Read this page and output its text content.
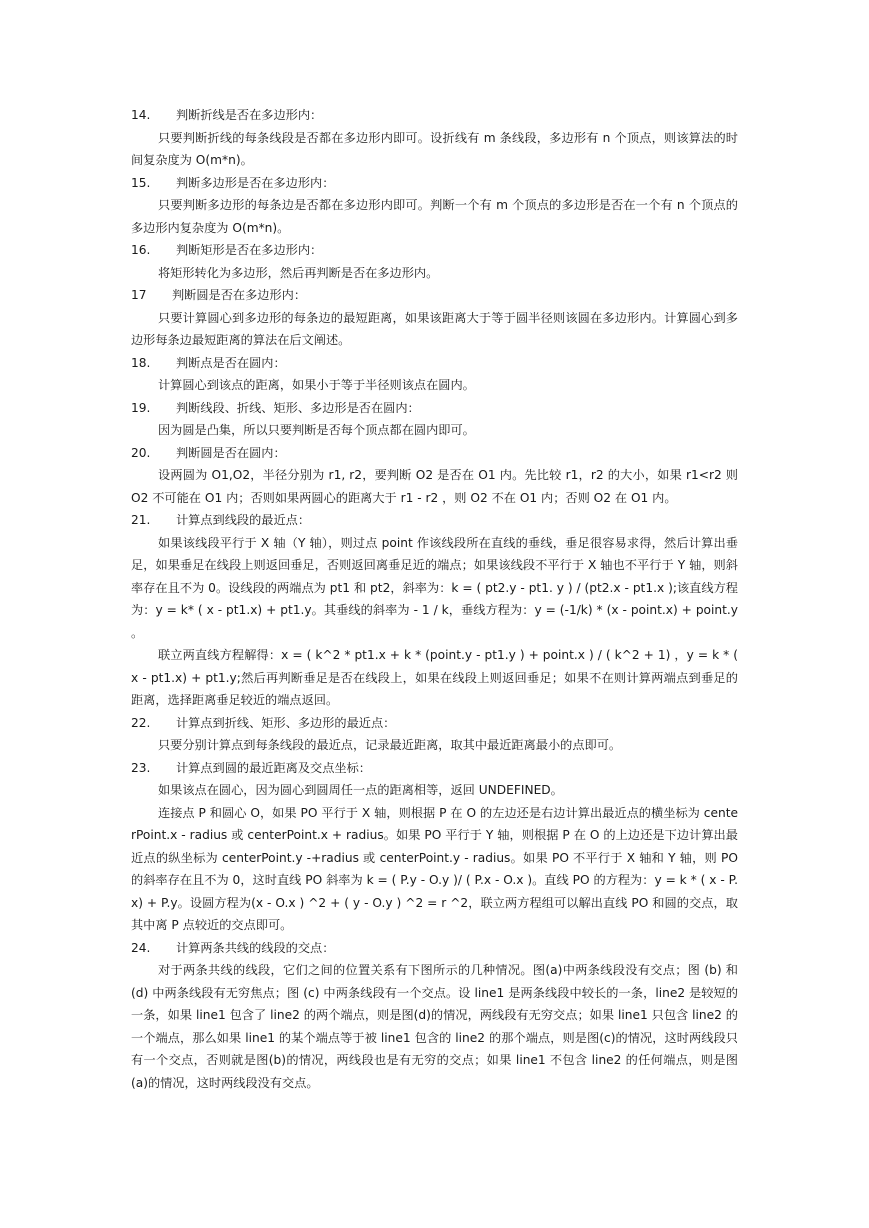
14. 判断折线是否在多边形内：

只要判断折线的每条线段是否都在多边形内即可。设折线有 m 条线段，多边形有 n 个顶点，则该算法的时间复杂度为 O(m*n)。

15. 判断多边形是否在多边形内：

只要判断多边形的每条边是否都在多边形内即可。判断一个有 m 个顶点的多边形是否在一个有 n 个顶点的多边形内复杂度为 O(m*n)。

16. 判断矩形是否在多边形内：

将矩形转化为多边形，然后再判断是否在多边形内。

17 判断圆是否在多边形内：

只要计算圆心到多边形的每条边的最短距离，如果该距离大于等于圆半径则该圆在多边形内。计算圆心到多边形每条边最短距离的算法在后文阐述。

18. 判断点是否在圆内：

计算圆心到该点的距离，如果小于等于半径则该点在圆内。

19. 判断线段、折线、矩形、多边形是否在圆内：

因为圆是凸集，所以只要判断是否每个顶点都在圆内即可。

20. 判断圆是否在圆内：

设两圆为 O1,O2，半径分别为 r1, r2，要判断 O2 是否在 O1 内。先比较 r1，r2 的大小，如果 r1<r2 则 O2 不可能在 O1 内；否则如果两圆心的距离大于 r1 - r2 ，则 O2 不在 O1 内；否则 O2 在 O1 内。

21. 计算点到线段的最近点：

如果该线段平行于 X 轴（Y 轴），则过点 point 作该线段所在直线的垂线，垂足很容易求得，然后计算出垂足，如果垂足在线段上则返回垂足，否则返回离垂足近的端点；如果该线段不平行于 X 轴也不平行于 Y 轴，则斜率存在且不为 0。设线段的两端点为 pt1 和 pt2，斜率为：k = ( pt2.y - pt1. y ) / (pt2.x - pt1.x );该直线方程为：y = k* ( x - pt1.x) + pt1.y。其垂线的斜率为 - 1 / k，垂线方程为：y = (-1/k) * (x - point.x) + point.y 。

联立两直线方程解得：x = ( k^2 * pt1.x + k * (point.y - pt1.y ) + point.x ) / ( k^2 + 1) ，y = k * ( x - pt1.x) + pt1.y;然后再判断垂足是否在线段上，如果在线段上则返回垂足；如果不在则计算两端点到垂足的距离，选择距离垂足较近的端点返回。

22. 计算点到折线、矩形、多边形的最近点：

只要分别计算点到每条线段的最近点，记录最近距离，取其中最近距离最小的点即可。

23. 计算点到圆的最近距离及交点坐标：

如果该点在圆心，因为圆心到圆周任一点的距离相等，返回 UNDEFINED。

连接点 P 和圆心 O，如果 PO 平行于 X 轴，则根据 P 在 O 的左边还是右边计算出最近点的横坐标为 centerPoint.x - radius 或 centerPoint.x + radius。如果 PO 平行于 Y 轴，则根据 P 在 O 的上边还是下边计算出最近点的纵坐标为 centerPoint.y -+radius 或 centerPoint.y - radius。如果 PO 不平行于 X 轴和 Y 轴，则 PO 的斜率存在且不为 0，这时直线 PO 斜率为 k = ( P.y - O.y )/ ( P.x - O.x )。直线 PO 的方程为：y = k * ( x - P.x) + P.y。设圆方程为(x - O.x ) ^2 + ( y - O.y ) ^2 = r ^2，联立两方程组可以解出直线 PO 和圆的交点，取其中离 P 点较近的交点即可。

24. 计算两条共线的线段的交点：

对于两条共线的线段，它们之间的位置关系有下图所示的几种情况。图(a)中两条线段没有交点；图 (b) 和 (d) 中两条线段有无穷焦点；图 (c) 中两条线段有一个交点。设 line1 是两条线段中较长的一条，line2 是较短的一条，如果 line1 包含了 line2 的两个端点，则是图(d)的情况，两线段有无穷交点；如果 line1 只包含 line2 的一个端点，那么如果 line1 的某个端点等于被 line1 包含的 line2 的那个端点，则是图(c)的情况，这时两线段只有一个交点，否则就是图(b)的情况，两线段也是有无穷的交点；如果 line1 不包含 line2 的任何端点，则是图(a)的情况，这时两线段没有交点。
